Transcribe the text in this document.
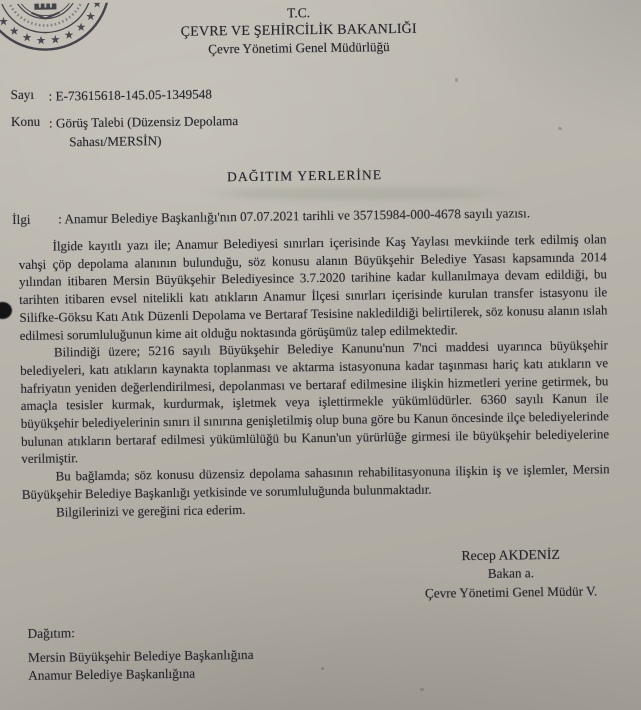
T.C.
ÇEVRE VE ŞEHİRCİLİK BAKANLIĞI
Çevre Yönetimi Genel Müdürlüğü
Sayı	: E-73615618-145.05-1349548
Konu : Görüş Talebi (Düzensiz Depolama
Sahası/MERSİN)
DAĞITIM YERLERİNE
İlgi	: Anamur Belediye Başkanlığı'nın 07.07.2021 tarihli ve 35715984-000-4678 sayılı yazısı.

İlgide kayıtlı yazı ile; Anamur Belediyesi sınırları içerisinde Kaş Yaylası mevkiinde terk edilmiş olan vahşi çöp depolama alanının bulunduğu, söz konusu alanın Büyükşehir Belediye Yasası kapsamında 2014 yılından itibaren Mersin Büyükşehir Belediyesince 3.7.2020 tarihine kadar kullanılmaya devam edildiği, bu tarihten itibaren evsel nitelikli katı atıkların Anamur İlçesi sınırları içerisinde kurulan transfer istasyonu ile Silifke-Göksu Katı Atık Düzenli Depolama ve Bertaraf Tesisine nakledildiği belirtilerek, söz konusu alanın ıslah edilmesi sorumluluğunun kime ait olduğu noktasında görüşümüz talep edilmektedir.

Bilindiği üzere; 5216 sayılı Büyükşehir Belediye Kanunu'nun 7'nci maddesi uyarınca büyükşehir belediyeleri, katı atıkların kaynakta toplanması ve aktarma istasyonuna kadar taşınması hariç katı atıkların ve hafriyatın yeniden değerlendirilmesi, depolanması ve bertaraf edilmesine ilişkin hizmetleri yerine getirmek, bu amaçla tesisler kurmak, kurdurmak, işletmek veya işlettirmekle yükümlüdürler. 6360 sayılı Kanun ile büyükşehir belediyelerinin sınırı il sınırına genişletilmiş olup buna göre bu Kanun öncesinde ilçe belediyelerinde bulunan atıkların bertaraf edilmesi yükümlülüğü bu Kanun'un yürürlüğe girmesi ile büyükşehir belediyelerine verilmiştir.

Bu bağlamda; söz konusu düzensiz depolama sahasının rehabilitasyonuna ilişkin iş ve işlemler, Mersin Büyükşehir Belediye Başkanlığı yetkisinde ve sorumluluğunda bulunmaktadır.

Bilgilerinizi ve gereğini rica ederim.

Recep AKDENİZ
Bakan a.
Çevre Yönetimi Genel Müdür V.
Dağıtım:
Mersin Büyükşehir Belediye Başkanlığına
Anamur Belediye Başkanlığına
